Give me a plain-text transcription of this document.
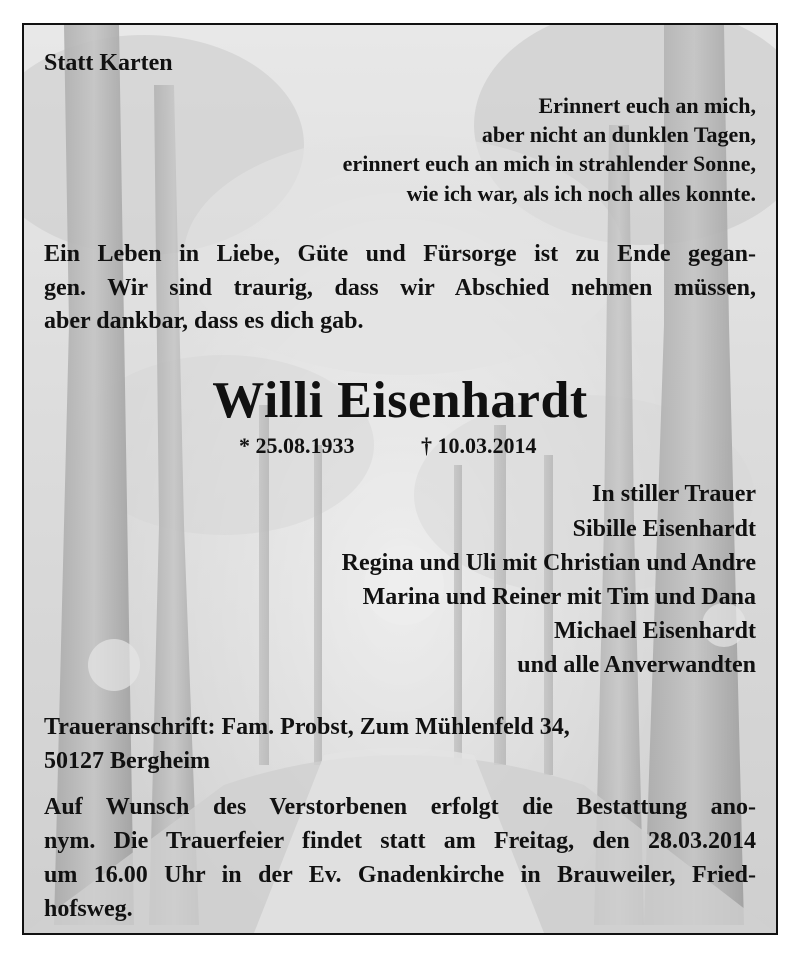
Statt Karten
Erinnert euch an mich,
aber nicht an dunklen Tagen,
erinnert euch an mich in strahlender Sonne,
wie ich war, als ich noch alles konnte.
Ein Leben in Liebe, Güte und Fürsorge ist zu Ende gegan-
gen. Wir sind traurig, dass wir Abschied nehmen müssen,
aber dankbar, dass es dich gab.
Willi Eisenhardt
* 25.08.1933	† 10.03.2014
In stiller Trauer
Sibille Eisenhardt
Regina und Uli mit Christian und Andre
Marina und Reiner mit Tim und Dana
Michael Eisenhardt
und alle Anverwandten
Traueranschrift: Fam. Probst, Zum Mühlenfeld 34,
50127 Bergheim
Auf Wunsch des Verstorbenen erfolgt die Bestattung ano-
nym. Die Trauerfeier findet statt am Freitag, den 28.03.2014
um 16.00 Uhr in der Ev. Gnadenkirche in Brauweiler, Fried-
hofsweg.
